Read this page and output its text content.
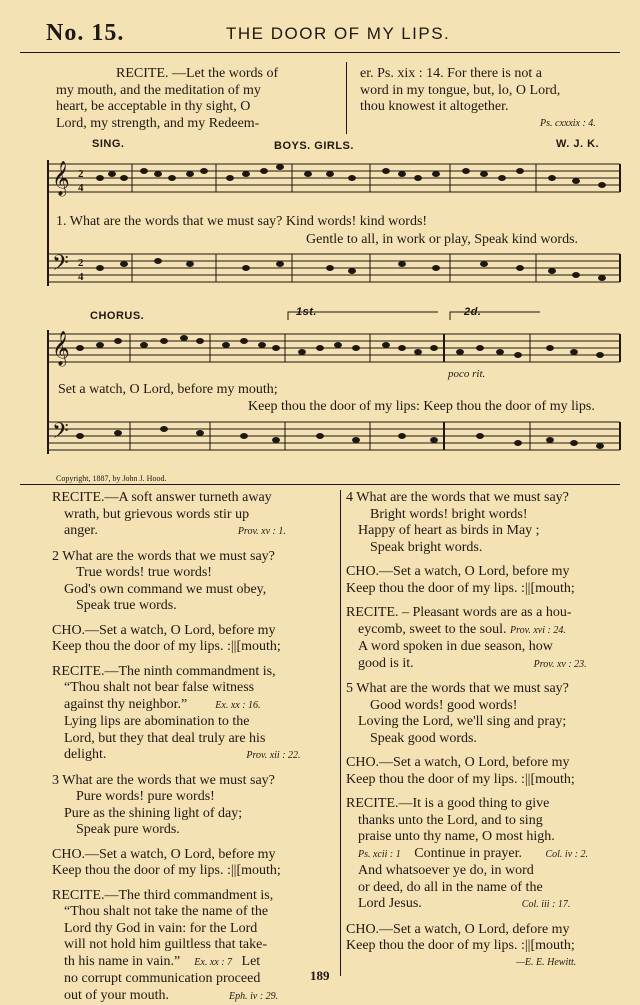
No. 15.	THE DOOR OF MY LIPS.
RECITE. —Let the words of
my mouth, and the meditation of my
heart, be acceptable in thy sight, O
Lord, my strength, and my Redeem-
er. Ps. xix : 14. For there is not a
word in my tongue, but, lo, O Lord,
thou knowest it altogether.
Ps. cxxxix : 4.
SING.	BOYS. GIRLS.	W. J. K.
𝄞
𝄢
2
4
2
4
𝄞
𝄢
1. What are the words that we must say? Kind words! kind words!
Gentle to all, in work or play, Speak kind words.
CHORUS.	1st.	2d.
poco rit.
Set a watch, O Lord, before my mouth;
Keep thou the door of my lips: Keep thou the door of my lips.
Copyright, 1887, by John J. Hood.
RECITE.—A soft answer turneth away
wrath, but grievous words stir up
anger.	Prov. xv : 1.
2 What are the words that we must say?
True words! true words!
God's own command we must obey,
Speak true words.
CHO.—Set a watch, O Lord, before my
Keep thou the door of my lips. :||[mouth;
RECITE.—The ninth commandment is,
“Thou shalt not bear false witness
against thy neighbor.”	Ex. xx : 16.
Lying lips are abomination to the
Lord, but they that deal truly are his
delight.	Prov. xii : 22.
3 What are the words that we must say?
Pure words! pure words!
Pure as the shining light of day;
Speak pure words.
CHO.—Set a watch, O Lord, before my
Keep thou the door of my lips. :||[mouth;
RECITE.—The third commandment is,
“Thou shalt not take the name of the
Lord thy God in vain: for the Lord
will not hold him guiltless that take-
th his name in vain.” Ex. xx : 7 Let
no corrupt communication proceed
out of your mouth.	Eph. iv : 29.
4 What are the words that we must say?
Bright words! bright words!
Happy of heart as birds in May ;
Speak bright words.
CHO.—Set a watch, O Lord, before my
Keep thou the door of my lips. :||[mouth;
RECITE. – Pleasant words are as a hou-
eycomb, sweet to the soul. Prov. xvi : 24.
A word spoken in due season, how
good is it.	Prov. xv : 23.
5 What are the words that we must say?
Good words! good words!
Loving the Lord, we'll sing and pray;
Speak good words.
CHO.—Set a watch, O Lord, before my
Keep thou the door of my lips. :||[mouth;
RECITE.—It is a good thing to give
thanks unto the Lord, and to sing
praise unto thy name, O most high.
Ps. xcii : 1 Continue in prayer. Col. iv : 2.
And whatsoever ye do, in word
or deed, do all in the name of the
Lord Jesus.	Col. iii : 17.
CHO.—Set a watch, O Lord, defore my
Keep thou the door of my lips. :||[mouth;
—E. E. Hewitt.
189
